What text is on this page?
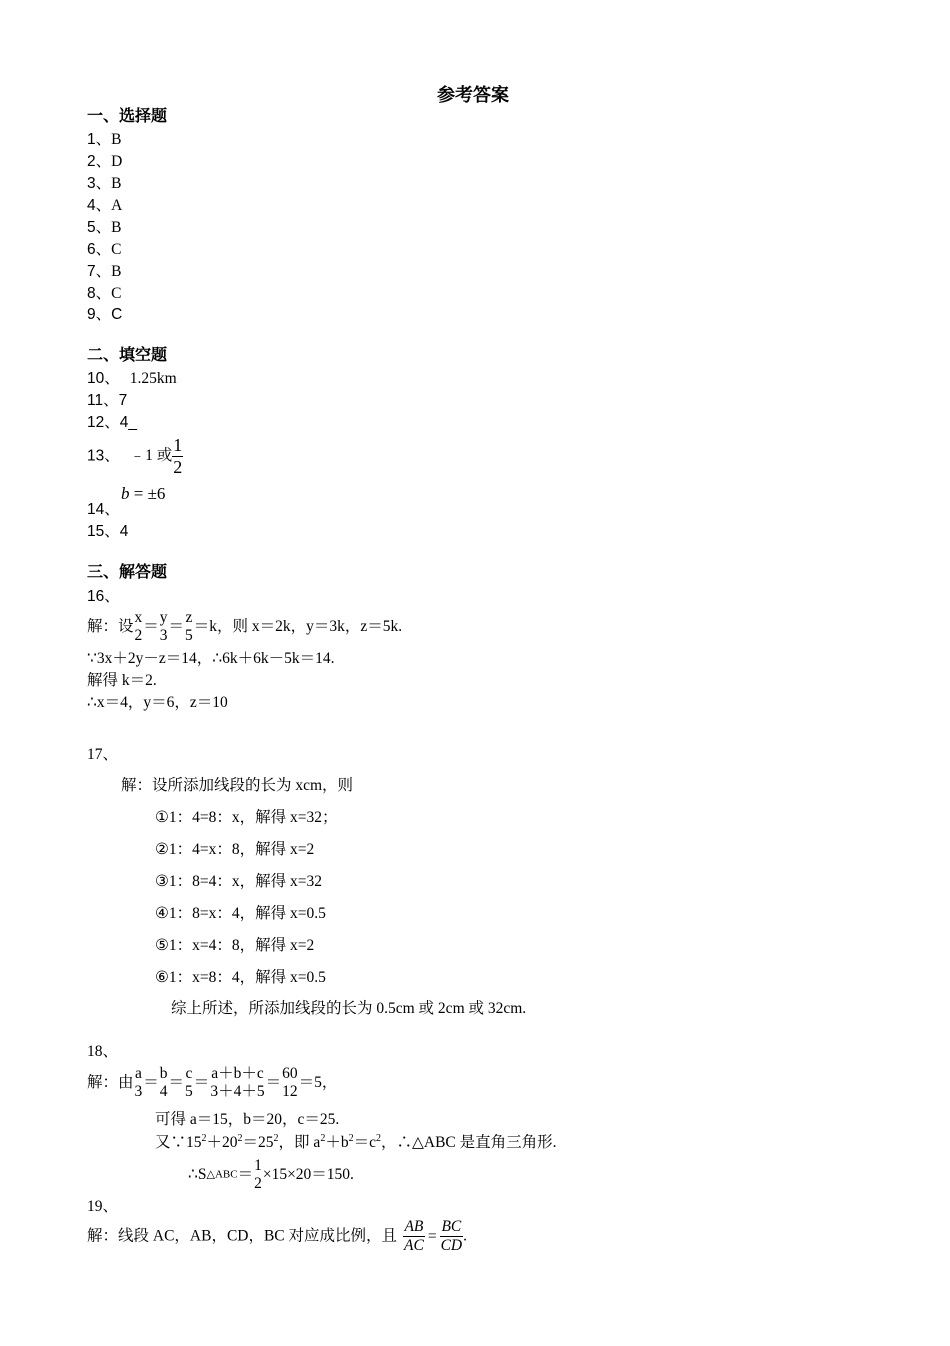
参考答案
一、选择题
1、B
2、D
3、B
4、A
5、B
6、C
7、B
8、C
9、C
二、填空题
10、 1.25km
11、7
12、4_
13、 ﹣1 或 $\frac{1}{2}$
b = ±6
14、
15、4
三、解答题
16、
解：设
x
2
＝
y
3
＝
z
5
＝k，则 x＝2k，y＝3k，z＝5k.
∵3x＋2y－z＝14，∴6k＋6k－5k＝14.
解得 k＝2.
∴x＝4，y＝6，z＝10
17、
解：设所添加线段的长为 xcm，则
①1：4=8：x，解得 x=32；
②1：4=x：8，解得 x=2
③1：8=4：x，解得 x=32
④1：8=x：4，解得 x=0.5
⑤1：x=4：8，解得 x=2
⑥1：x=8：4，解得 x=0.5
综上所述，所添加线段的长为 0.5cm 或 2cm 或 32cm.
18、
解：由
a
3
＝
b
4
＝
c
5
＝
a＋b＋c
3＋4＋5
＝
60
12
＝5，
可得 a＝15，b＝20，c＝25.
又$\because 15^2+20^2=25^2$，即 $a^2+b^2=c^2$，∴△ABC 是直角三角形.
∴S△ABC＝
1
2
×15×20＝150.
19、
解：线段 AC，AB，CD，BC 对应成比例，且 $\frac{AB}{AC} = \frac{BC}{CD}$ .
